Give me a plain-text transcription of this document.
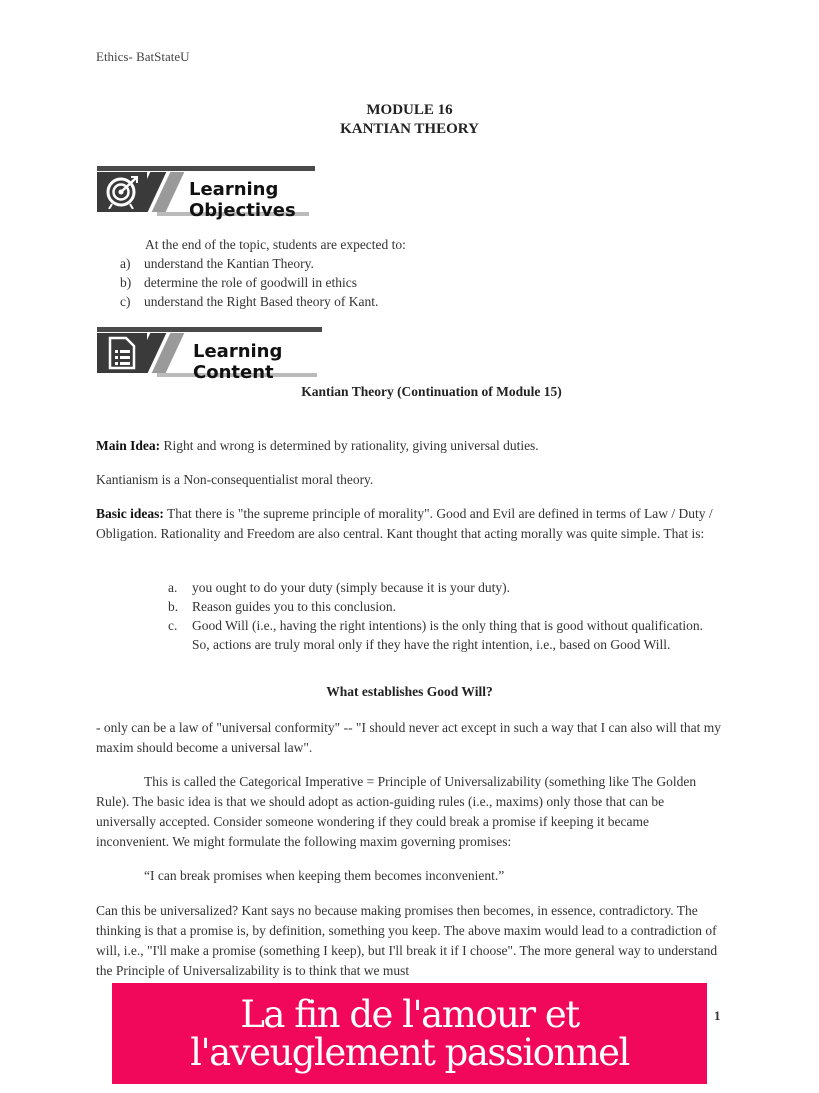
Ethics- BatStateU
MODULE 16
KANTIAN THEORY
Learning Objectives
At the end of the topic, students are expected to:
a) understand the Kantian Theory.
b) determine the role of goodwill in ethics
c) understand the Right Based theory of Kant.
Learning Content
Kantian Theory (Continuation of Module 15)
Main Idea: Right and wrong is determined by rationality, giving universal duties.
Kantianism is a Non-consequentialist moral theory.
Basic ideas: That there is "the supreme principle of morality". Good and Evil are defined in terms of Law / Duty / Obligation. Rationality and Freedom are also central. Kant thought that acting morally was quite simple. That is:
a.	you ought to do your duty (simply because it is your duty).
b.	Reason guides you to this conclusion.
c.	Good Will (i.e., having the right intentions) is the only thing that is good without qualification. So, actions are truly moral only if they have the right intention, i.e., based on Good Will.
What establishes Good Will?
- only can be a law of "universal conformity" -- "I should never act except in such a way that I can also will that my maxim should become a universal law".
This is called the Categorical Imperative = Principle of Universalizability (something like The Golden Rule). The basic idea is that we should adopt as action-guiding rules (i.e., maxims) only those that can be universally accepted. Consider someone wondering if they could break a promise if keeping it became inconvenient. We might formulate the following maxim governing promises:
“I can break promises when keeping them becomes inconvenient.”
Can this be universalized? Kant says no because making promises then becomes, in essence, contradictory. The thinking is that a promise is, by definition, something you keep. The above maxim would lead to a contradiction of will, i.e., "I'll make a promise (something I keep), but I'll break it if I choose". The more general way to understand the Principle of Universalizability is to think that we must
1
La fin de l'amour et
l'aveuglement passionnel
